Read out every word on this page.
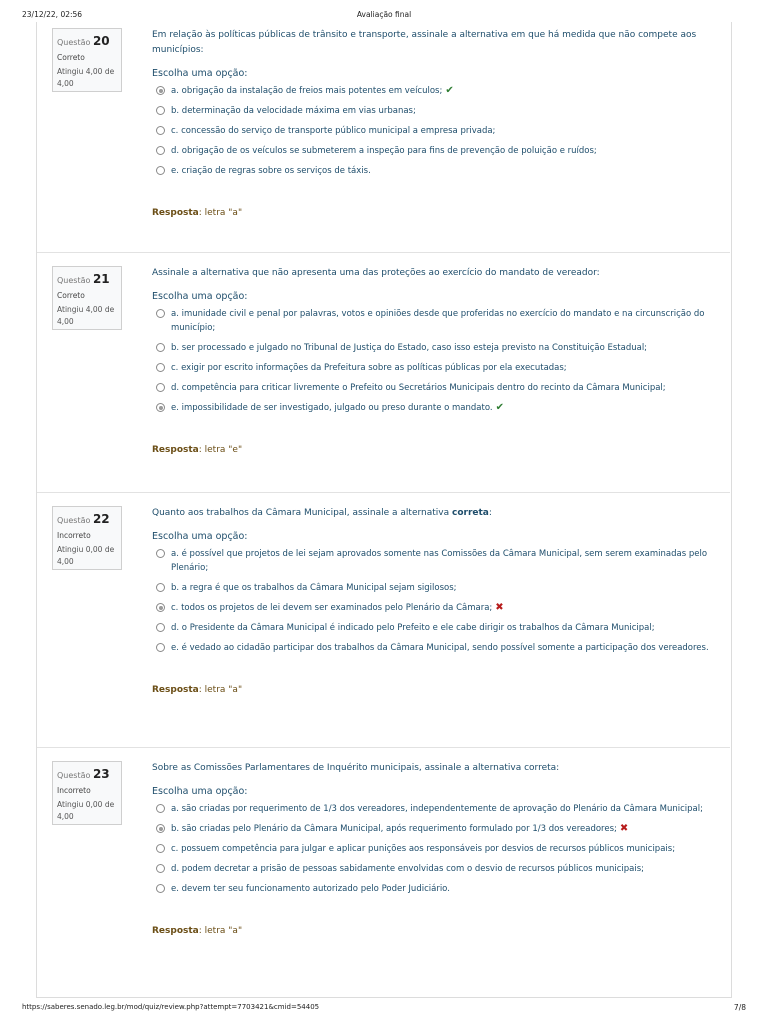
23/12/22, 02:56	Avaliação final
Questão 20
Correto
Atingiu 4,00 de 4,00
Em relação às políticas públicas de trânsito e transporte, assinale a alternativa em que há medida que não compete aos municípios:
Escolha uma opção:
a. obrigação da instalação de freios mais potentes em veículos; ✔
b. determinação da velocidade máxima em vias urbanas;
c. concessão do serviço de transporte público municipal a empresa privada;
d. obrigação de os veículos se submeterem a inspeção para fins de prevenção de poluição e ruídos;
e. criação de regras sobre os serviços de táxis.
Resposta: letra "a"
Questão 21
Correto
Atingiu 4,00 de 4,00
Assinale a alternativa que não apresenta uma das proteções ao exercício do mandato de vereador:
Escolha uma opção:
a. imunidade civil e penal por palavras, votos e opiniões desde que proferidas no exercício do mandato e na circunscrição do município;
b. ser processado e julgado no Tribunal de Justiça do Estado, caso isso esteja previsto na Constituição Estadual;
c. exigir por escrito informações da Prefeitura sobre as políticas públicas por ela executadas;
d. competência para criticar livremente o Prefeito ou Secretários Municipais dentro do recinto da Câmara Municipal;
e. impossibilidade de ser investigado, julgado ou preso durante o mandato. ✔
Resposta: letra "e"
Questão 22
Incorreto
Atingiu 0,00 de 4,00
Quanto aos trabalhos da Câmara Municipal, assinale a alternativa correta:
Escolha uma opção:
a. é possível que projetos de lei sejam aprovados somente nas Comissões da Câmara Municipal, sem serem examinadas pelo Plenário;
b. a regra é que os trabalhos da Câmara Municipal sejam sigilosos;
c. todos os projetos de lei devem ser examinados pelo Plenário da Câmara; ✖
d. o Presidente da Câmara Municipal é indicado pelo Prefeito e ele cabe dirigir os trabalhos da Câmara Municipal;
e. é vedado ao cidadão participar dos trabalhos da Câmara Municipal, sendo possível somente a participação dos vereadores.
Resposta: letra "a"
Questão 23
Incorreto
Atingiu 0,00 de 4,00
Sobre as Comissões Parlamentares de Inquérito municipais, assinale a alternativa correta:
Escolha uma opção:
a. são criadas por requerimento de 1/3 dos vereadores, independentemente de aprovação do Plenário da Câmara Municipal;
b. são criadas pelo Plenário da Câmara Municipal, após requerimento formulado por 1/3 dos vereadores; ✖
c. possuem competência para julgar e aplicar punições aos responsáveis por desvios de recursos públicos municipais;
d. podem decretar a prisão de pessoas sabidamente envolvidas com o desvio de recursos públicos municipais;
e. devem ter seu funcionamento autorizado pelo Poder Judiciário.
Resposta: letra "a"
https://saberes.senado.leg.br/mod/quiz/review.php?attempt=7703421&cmid=54405	7/8
